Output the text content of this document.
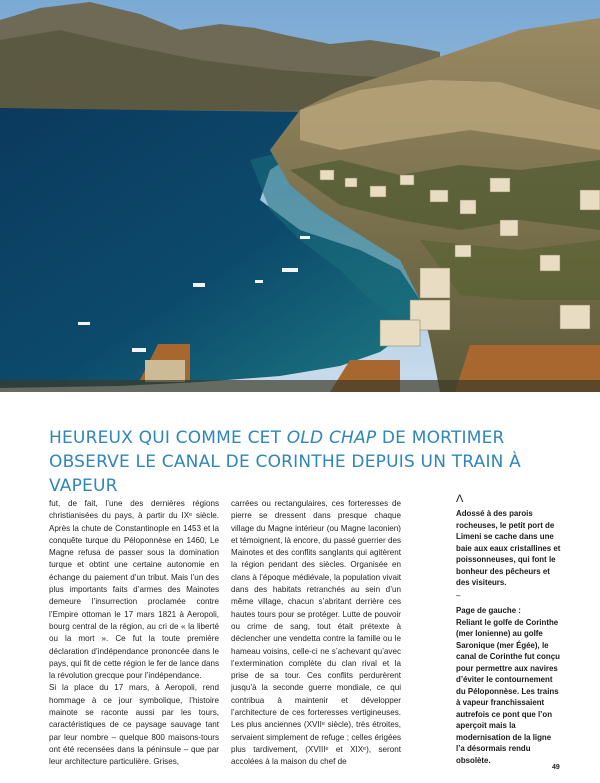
HEUREUX QUI COMME CET OLD CHAP DE MORTIMER
OBSERVE LE CANAL DE CORINTHE DEPUIS UN TRAIN À VAPEUR

fut, de fait, l’une des dernières régions christianisées du pays, à partir du IXᵉ siècle. Après la chute de Constantinople en 1453 et la conquête turque du Péloponnèse en 1460, Le Magne refusa de passer sous la domination turque et obtint une certaine autonomie en échange du paiement d’un tribut. Mais l’un des plus importants faits d’armes des Mainotes demeure l’insurrection proclamée contre l’Empire ottoman le 17 mars 1821 à Aeropoli, bourg central de la région, au cri de « la liberté ou la mort ». Ce fut la toute première déclaration d’indépendance prononcée dans le pays, qui fit de cette région le fer de lance dans la révolution grecque pour l’indépendance.

Si la place du 17 mars, à Aeropoli, rend hommage à ce jour symbolique, l’histoire mainote se raconte aussi par les tours, caractéristiques de ce paysage sauvage tant par leur nombre – quelque 800 maisons-tours ont été recensées dans la péninsule – que par leur architecture particulière. Grises,

carrées ou rectangulaires, ces forteresses de pierre se dressent dans presque chaque village du Magne intérieur (ou Magne laconien) et témoignent, là encore, du passé guerrier des Mainotes et des conflits sanglants qui agitèrent la région pendant des siècles. Organisée en clans à l’époque médiévale, la population vivait dans des habitats retranchés au sein d’un même village, chacun s’abritant derrière ces hautes tours pour se protéger. Lutte de pouvoir ou crime de sang, tout était prétexte à déclencher une vendetta contre la famille ou le hameau voisins, celle-ci ne s’achevant qu’avec l’extermination complète du clan rival et la prise de sa tour. Ces conflits perdurèrent jusqu’à la seconde guerre mondiale, ce qui contribua à maintenir et développer l’architecture de ces forteresses vertigineuses. Les plus anciennes (XVIIᵉ siècle), très étroites, servaient simplement de refuge ; celles érigées plus tardivement, (XVIIIᵉ et XIXᵉ), seront accolées à la maison du chef de

Λ

Adossé à des parois rocheuses, le petit port de Limeni se cache dans une baie aux eaux cristallines et poissonneuses, qui font le bonheur des pêcheurs et des visiteurs.

‒

Page de gauche :

Reliant le golfe de Corinthe (mer Ionienne) au golfe Saronique (mer Égée), le canal de Corinthe fut conçu pour permettre aux navires d’éviter le contournement du Péloponnèse. Les trains à vapeur franchissaient autrefois ce pont que l’on aperçoit mais la modernisation de la ligne l’a désormais rendu obsolète.

49
